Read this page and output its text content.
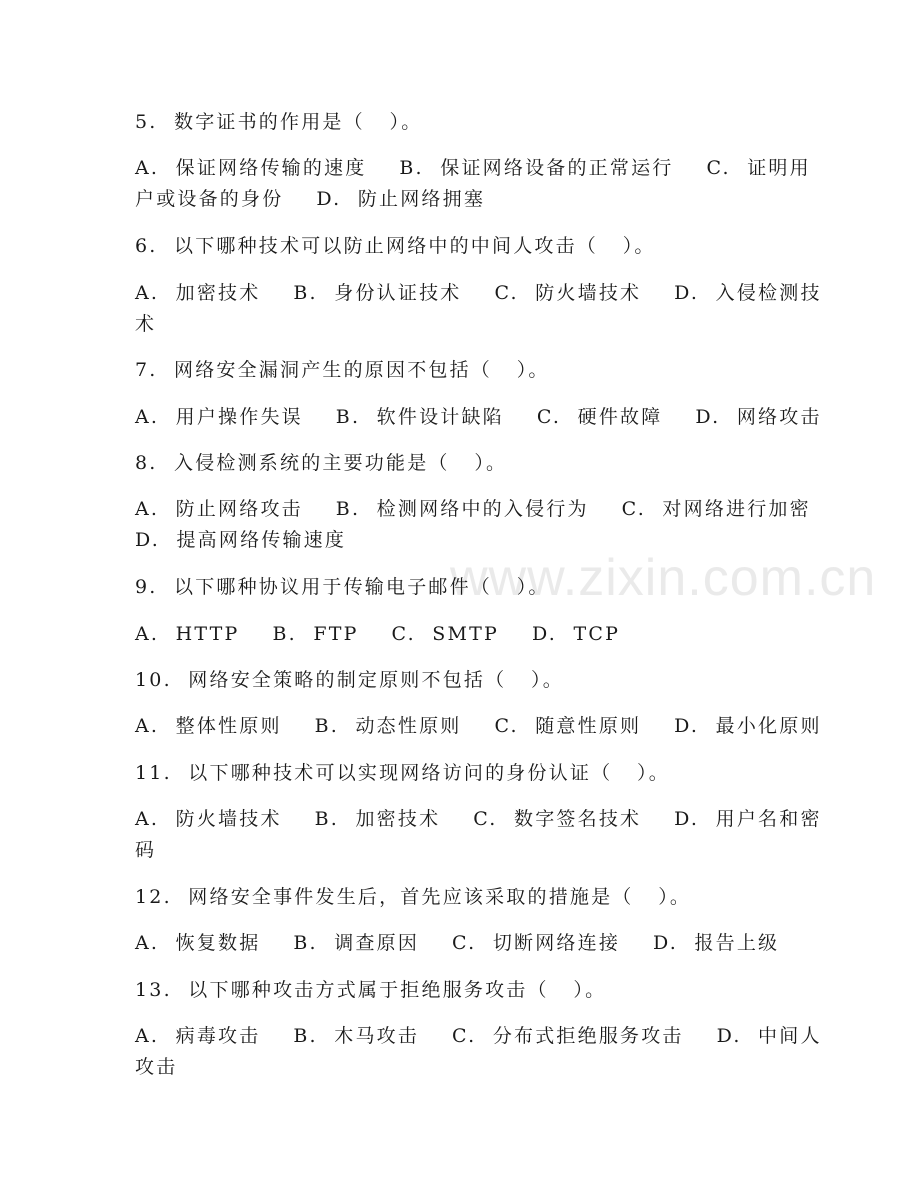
www.zixin.com.cn
5.  数字证书的作用是（   ）。
A.  保证网络传输的速度    B.  保证网络设备的正常运行    C.  证明用
户或设备的身份    D.  防止网络拥塞
6.  以下哪种技术可以防止网络中的中间人攻击（   ）。
A.  加密技术    B.  身份认证技术    C.  防火墙技术    D.  入侵检测技
术
7.  网络安全漏洞产生的原因不包括（   ）。
A.  用户操作失误    B.  软件设计缺陷    C.  硬件故障    D.  网络攻击
8.  入侵检测系统的主要功能是（   ）。
A.  防止网络攻击    B.  检测网络中的入侵行为    C.  对网络进行加密
D.  提高网络传输速度
9.  以下哪种协议用于传输电子邮件（   ）。
A.  HTTP    B.  FTP    C.  SMTP    D.  TCP
10.  网络安全策略的制定原则不包括（   ）。
A.  整体性原则    B.  动态性原则    C.  随意性原则    D.  最小化原则
11.  以下哪种技术可以实现网络访问的身份认证（   ）。
A.  防火墙技术    B.  加密技术    C.  数字签名技术    D.  用户名和密
码
12.  网络安全事件发生后，首先应该采取的措施是（   ）。
A.  恢复数据    B.  调查原因    C.  切断网络连接    D.  报告上级
13.  以下哪种攻击方式属于拒绝服务攻击（   ）。
A.  病毒攻击    B.  木马攻击    C.  分布式拒绝服务攻击    D.  中间人
攻击
